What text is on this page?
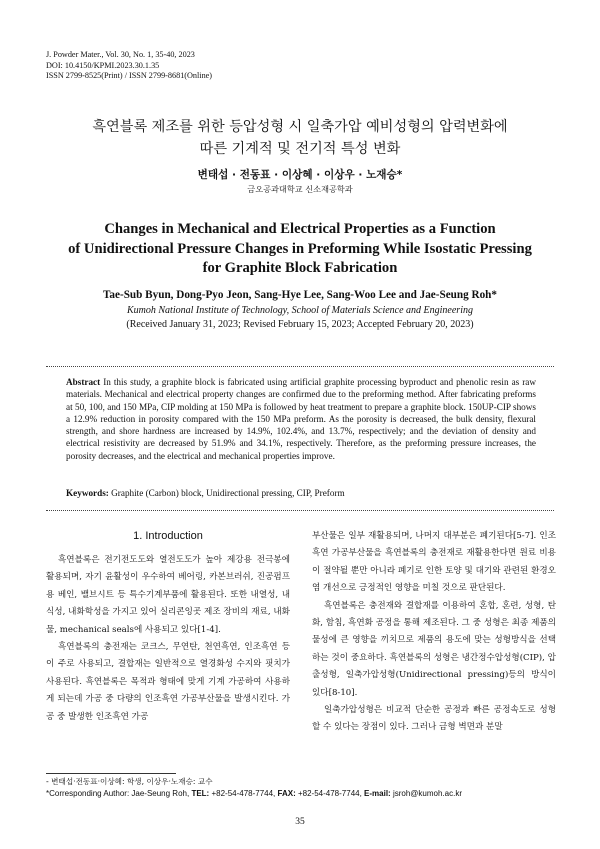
J. Powder Mater., Vol. 30, No. 1, 35-40, 2023
DOI: 10.4150/KPMI.2023.30.1.35
ISSN 2799-8525(Print) / ISSN 2799-8681(Online)
흑연블록 제조를 위한 등압성형 시 일축가압 예비성형의 압력변화에
따른 기계적 및 전기적 특성 변화
변태섭 · 전동표 · 이상혜 · 이상우 · 노재승*
금오공과대학교 신소재공학과
Changes in Mechanical and Electrical Properties as a Function
of Unidirectional Pressure Changes in Preforming While Isostatic Pressing
for Graphite Block Fabrication
Tae-Sub Byun, Dong-Pyo Jeon, Sang-Hye Lee, Sang-Woo Lee and Jae-Seung Roh*
Kumoh National Institute of Technology, School of Materials Science and Engineering
(Received January 31, 2023; Revised February 15, 2023; Accepted February 20, 2023)
Abstract In this study, a graphite block is fabricated using artificial graphite processing byproduct and phenolic resin as raw materials. Mechanical and electrical property changes are confirmed due to the preforming method. After fabricating preforms at 50, 100, and 150 MPa, CIP molding at 150 MPa is followed by heat treatment to prepare a graphite block. 150UP-CIP shows a 12.9% reduction in porosity compared with the 150 MPa preform. As the porosity is decreased, the bulk density, flexural strength, and shore hardness are increased by 14.9%, 102.4%, and 13.7%, respectively; and the deviation of density and electrical resistivity are decreased by 51.9% and 34.1%, respectively. Therefore, as the preforming pressure increases, the porosity decreases, and the electrical and mechanical properties improve.
Keywords: Graphite (Carbon) block, Unidirectional pressing, CIP, Preform
1. Introduction

흑연블록은 전기전도도와 열전도도가 높아 제강용 전극봉에 활용되며, 자기 윤활성이 우수하여 베어링, 카본브러쉬, 진공펌프용 베인, 밸브시트 등 특수기계부품에 활용된다. 또한 내열성, 내식성, 내화학성을 가지고 있어 실리콘잉곳 제조 장비의 재료, 내화물, mechanical seals에 사용되고 있다[1-4].

흑연블록의 충전재는 코크스, 무연탄, 천연흑연, 인조흑연 등이 주로 사용되고, 결합재는 일반적으로 열경화성 수지와 핏치가 사용된다. 흑연블록은 목적과 형태에 맞게 기계 가공하여 사용하게 되는데 가공 중 다량의 인조흑연 가공부산물을 발생시킨다. 가공 중 발생한 인조흑연 가공

부산물은 일부 재활용되며, 나머지 대부분은 폐기된다[5-7]. 인조흑연 가공부산물을 흑연블록의 충전재로 재활용한다면 원료 비용이 절약될 뿐만 아니라 폐기로 인한 토양 및 대기와 관련된 환경오염 개선으로 긍정적인 영향을 미칠 것으로 판단된다.

흑연블록은 충전재와 결합재를 이용하여 혼합, 혼련, 성형, 탄화, 함침, 흑연화 공정을 통해 제조된다. 그 중 성형은 최종 제품의 물성에 큰 영향을 끼치므로 제품의 용도에 맞는 성형방식을 선택하는 것이 중요하다. 흑연블록의 성형은 냉간정수압성형(CIP), 압출성형, 일축가압성형(Unidirectional pressing)등의 방식이 있다[8-10].

일축가압성형은 비교적 단순한 공정과 빠른 공정속도로 성형할 수 있다는 장점이 있다. 그러나 금형 벽면과 분말

- 변태섭·전동표·이상혜: 학생, 이상우·노재승: 교수
*Corresponding Author: Jae-Seung Roh, TEL: +82-54-478-7744, FAX: +82-54-478-7744, E-mail: jsroh@kumoh.ac.kr
35
